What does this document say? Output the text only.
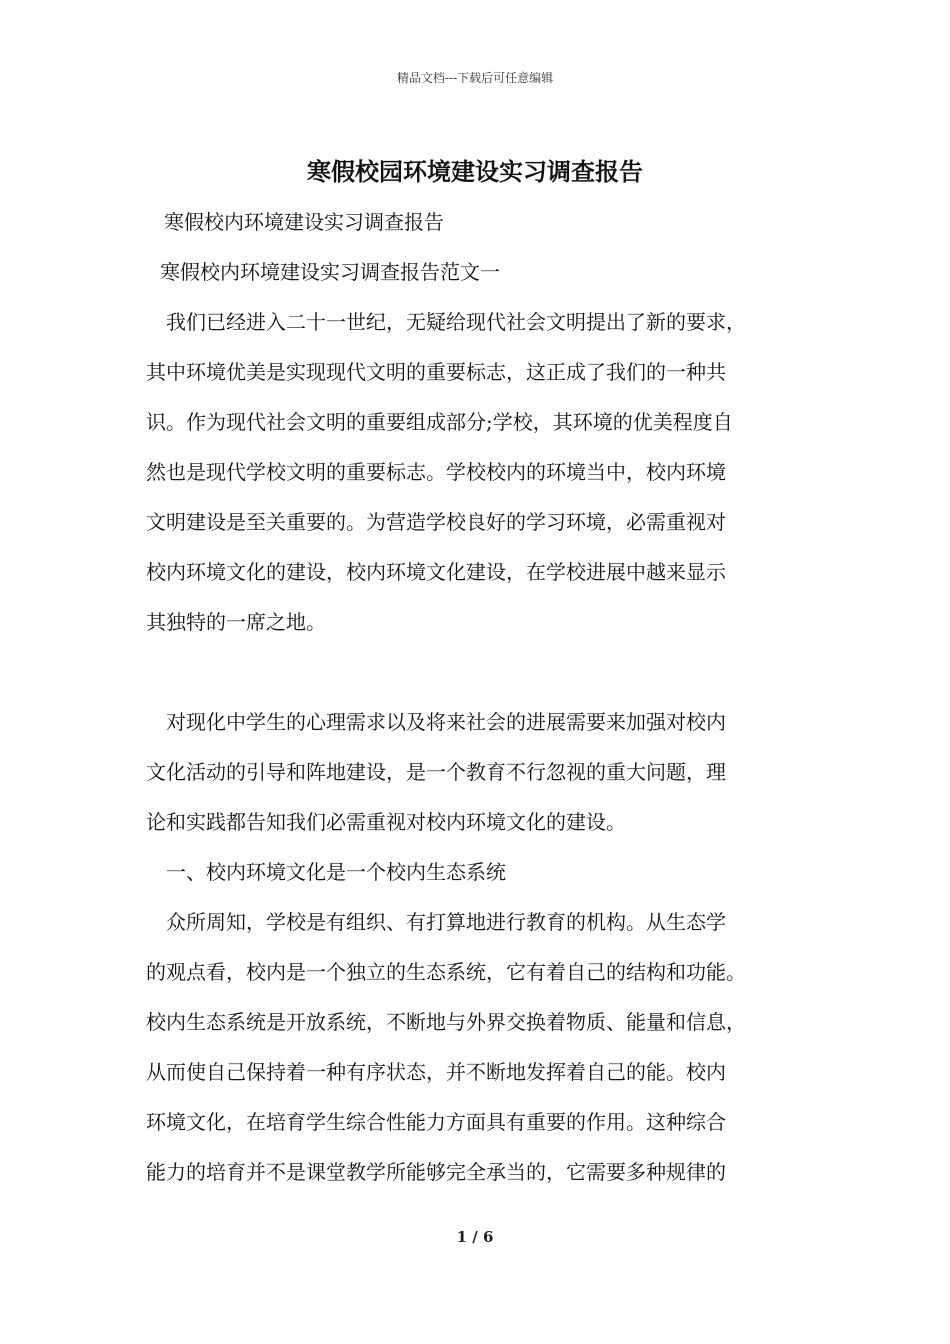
精品文档---下载后可任意编辑
寒假校园环境建设实习调查报告
寒假校内环境建设实习调查报告
寒假校内环境建设实习调查报告范文一
我们已经进入二十一世纪，无疑给现代社会文明提出了新的要求，
其中环境优美是实现现代文明的重要标志，这正成了我们的一种共
识。作为现代社会文明的重要组成部分;学校，其环境的优美程度自
然也是现代学校文明的重要标志。学校校内的环境当中，校内环境
文明建设是至关重要的。为营造学校良好的学习环境，必需重视对
校内环境文化的建设，校内环境文化建设，在学校进展中越来显示
其独特的一席之地。
对现化中学生的心理需求以及将来社会的进展需要来加强对校内
文化活动的引导和阵地建设，是一个教育不行忽视的重大问题，理
论和实践都告知我们必需重视对校内环境文化的建设。
一、校内环境文化是一个校内生态系统
众所周知，学校是有组织、有打算地进行教育的机构。从生态学
的观点看，校内是一个独立的生态系统，它有着自己的结构和功能。
校内生态系统是开放系统，不断地与外界交换着物质、能量和信息，
从而使自己保持着一种有序状态，并不断地发挥着自己的能。校内
环境文化，在培育学生综合性能力方面具有重要的作用。这种综合
能力的培育并不是课堂教学所能够完全承当的，它需要多种规律的
1 / 6
